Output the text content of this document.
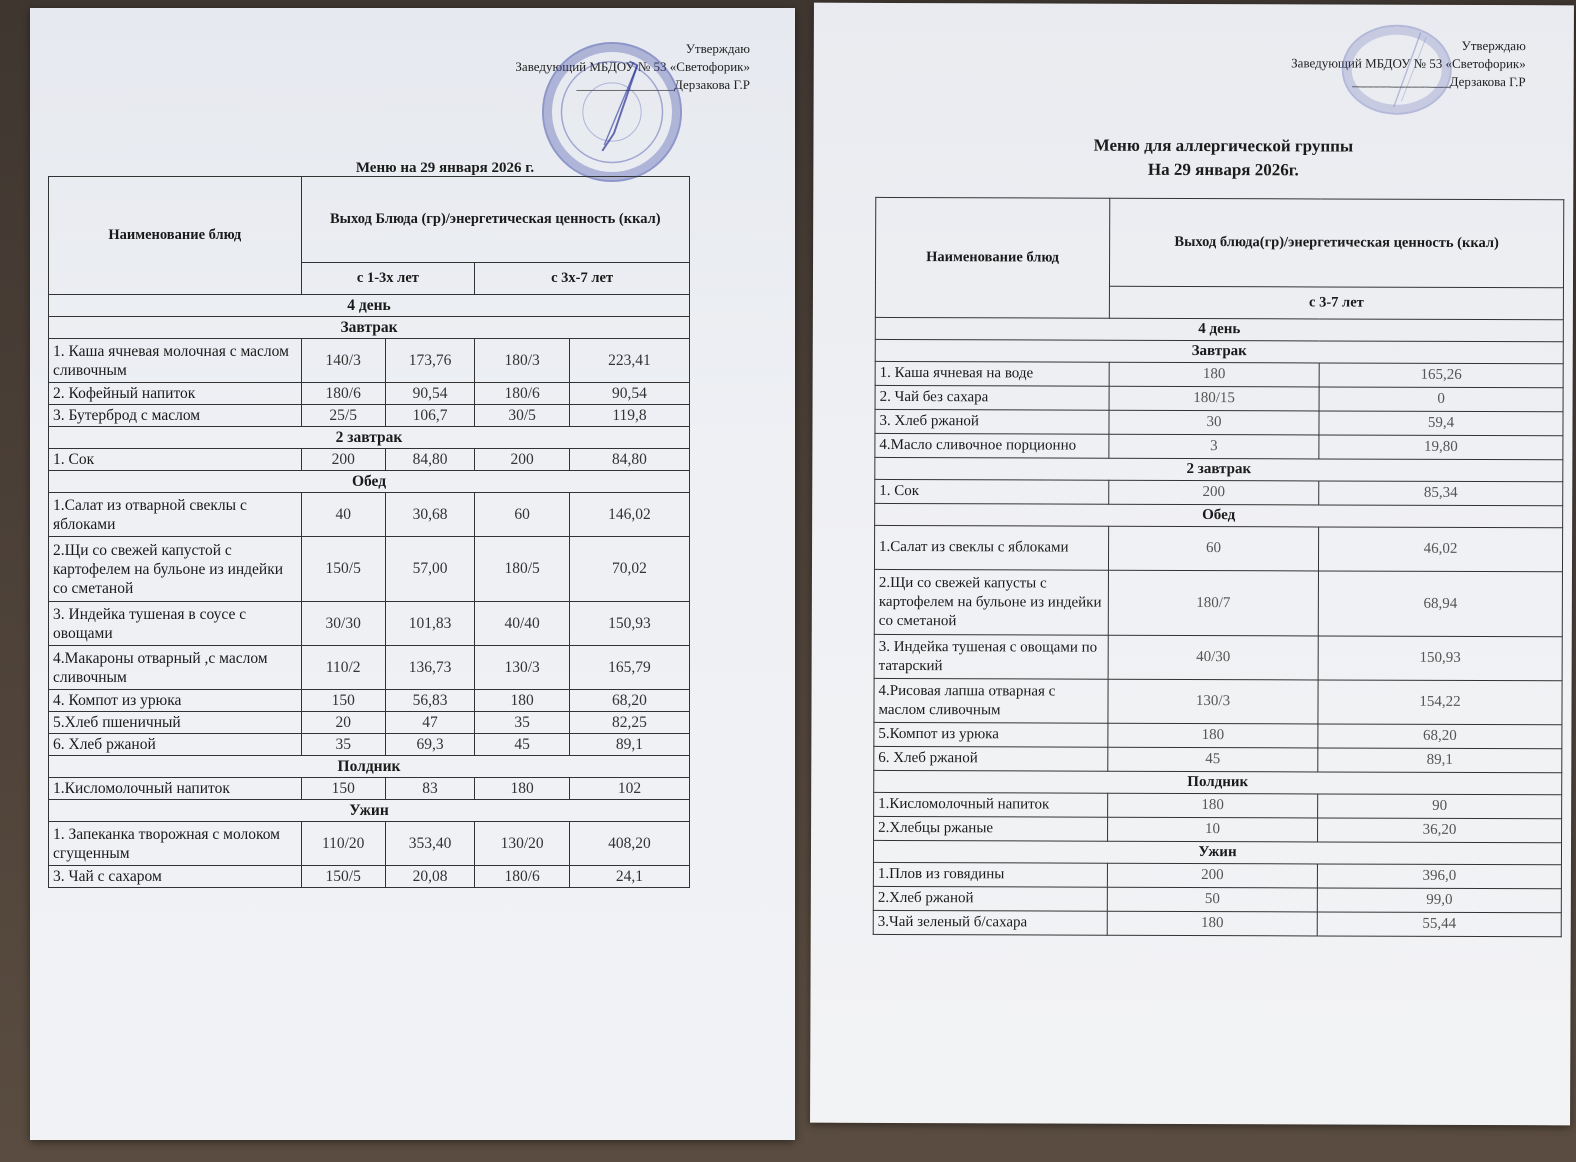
Утверждаю
Заведующий МБДОУ № 53 «Светофорик»
_______________Дерзакова Г.Р
Меню на 29 января 2026 г.
Наименование блюд	Выход Блюда (гр)/энергетическая ценность (ккал)			
	с 1-3х лет		с 3х-7 лет	
4 день				
Завтрак				
1. Каша ячневая молочная с маслом сливочным	140/3	173,76	180/3	223,41
2. Кофейный напиток	180/6	90,54	180/6	90,54
3. Бутерброд с маслом	25/5	106,7	30/5	119,8
2 завтрак				
1. Сок	200	84,80	200	84,80
Обед				
1.Салат из отварной свеклы с яблоками	40	30,68	60	146,02
2.Щи со свежей капустой с картофелем на бульоне из индейки со сметаной	150/5	57,00	180/5	70,02
3. Индейка тушеная в соусе с овощами	30/30	101,83	40/40	150,93
4.Макароны отварный ,с маслом сливочным	110/2	136,73	130/3	165,79
4. Компот из урюка	150	56,83	180	68,20
5.Хлеб пшеничный	20	47	35	82,25
6. Хлеб ржаной	35	69,3	45	89,1
Полдник				
1.Кисломолочный напиток	150	83	180	102
Ужин				
1. Запеканка творожная с молоком сгущенным	110/20	353,40	130/20	408,20
3. Чай с сахаром	150/5	20,08	180/6	24,1
Утверждаю
Заведующий МБДОУ № 53 «Светофорик»
_______________Дерзакова Г.Р
Меню для аллергической группы
На 29 января 2026г.
Наименование блюд	Выход блюда(гр)/энергетическая ценность (ккал)	
	с 3-7 лет	
4 день		
Завтрак		
1. Каша ячневая на воде	180	165,26
2. Чай без сахара	180/15	0
3. Хлеб ржаной	30	59,4
4.Масло сливочное порционно	3	19,80
2 завтрак		
1. Сок	200	85,34
Обед		
1.Салат из свеклы с яблоками	60	46,02
2.Щи со свежей капусты с картофелем на бульоне из индейки со сметаной	180/7	68,94
3. Индейка тушеная с овощами по татарский	40/30	150,93
4.Рисовая лапша отварная с маслом сливочным	130/3	154,22
5.Компот из урюка	180	68,20
6. Хлеб ржаной	45	89,1
Полдник		
1.Кисломолочный напиток	180	90
2.Хлебцы ржаные	10	36,20
Ужин		
1.Плов из говядины	200	396,0
2.Хлеб ржаной	50	99,0
3.Чай зеленый б/сахара	180	55,44
